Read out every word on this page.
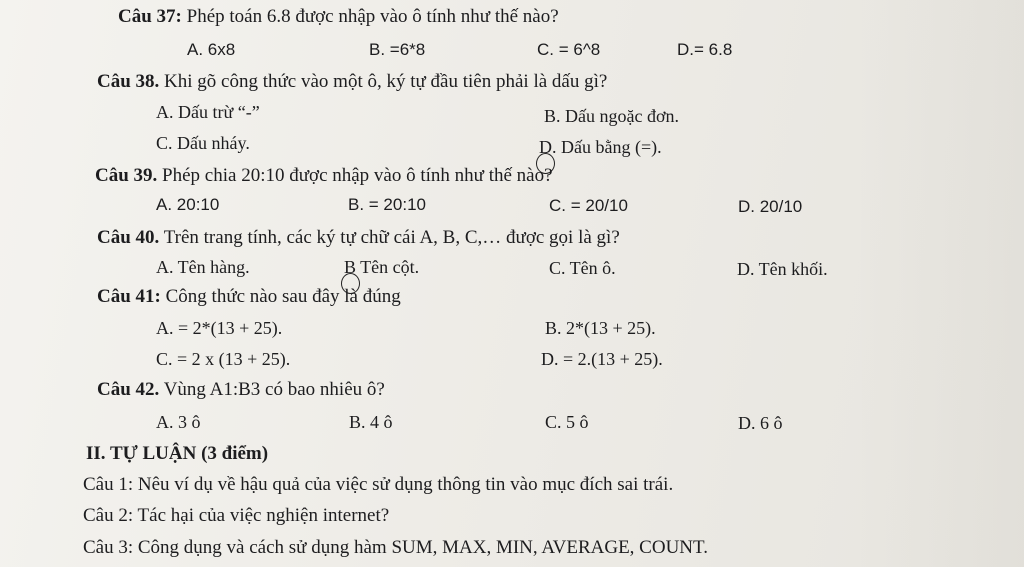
Câu 37: Phép toán 6.8 được nhập vào ô tính như thế nào?
A. 6x8	B. =6*8	C. = 6^8	D.= 6.8
Câu 38. Khi gõ công thức vào một ô, ký tự đầu tiên phải là dấu gì?
A. Dấu trừ “-”	B. Dấu ngoặc đơn.
C. Dấu nháy.	D. Dấu bằng (=).
Câu 39. Phép chia 20:10 được nhập vào ô tính như thế nào?
A. 20:10	B. = 20:10	C. = 20/10	D. 20/10
Câu 40. Trên trang tính, các ký tự chữ cái A, B, C,… được gọi là gì?
A. Tên hàng.	B Tên cột.	C. Tên ô.	D. Tên khối.
Câu 41: Công thức nào sau đây là đúng
A. = 2*(13 + 25).	B. 2*(13 + 25).
C. = 2 x (13 + 25).	D. = 2.(13 + 25).
Câu 42. Vùng A1:B3 có bao nhiêu ô?
A. 3 ô	B. 4 ô	C. 5 ô	D. 6 ô
II. TỰ LUẬN (3 điểm)
Câu 1: Nêu ví dụ về hậu quả của việc sử dụng thông tin vào mục đích sai trái.
Câu 2: Tác hại của việc nghiện internet?
Câu 3: Công dụng và cách sử dụng hàm SUM, MAX, MIN, AVERAGE, COUNT.
